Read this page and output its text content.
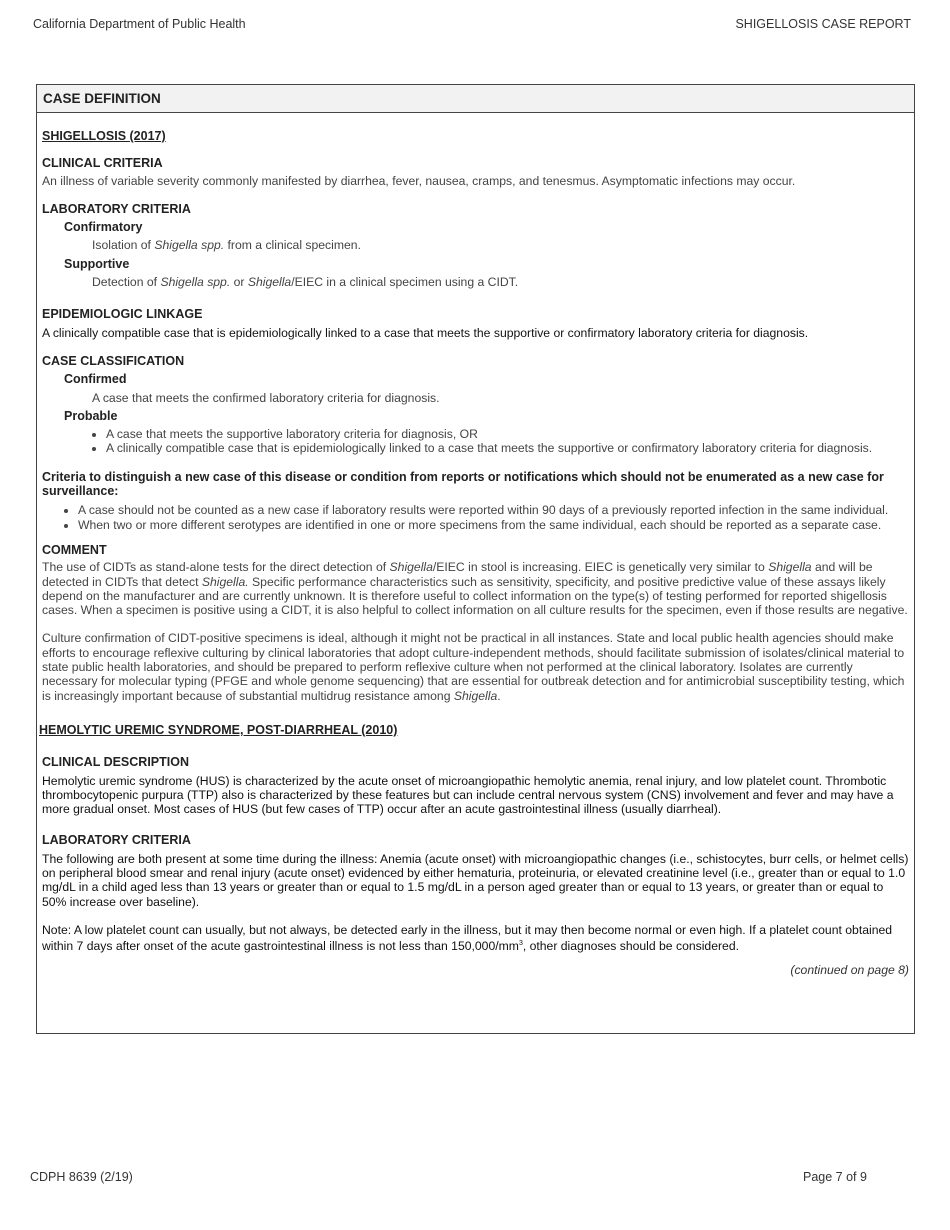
California Department of Public Health	SHIGELLOSIS CASE REPORT
CASE DEFINITION
SHIGELLOSIS (2017)
CLINICAL CRITERIA
An illness of variable severity commonly manifested by diarrhea, fever, nausea, cramps, and tenesmus. Asymptomatic infections may occur.
LABORATORY CRITERIA
Confirmatory
Isolation of Shigella spp. from a clinical specimen.
Supportive
Detection of Shigella spp. or Shigella/EIEC in a clinical specimen using a CIDT.
EPIDEMIOLOGIC LINKAGE
A clinically compatible case that is epidemiologically linked to a case that meets the supportive or confirmatory laboratory criteria for diagnosis.
CASE CLASSIFICATION
Confirmed
A case that meets the confirmed laboratory criteria for diagnosis.
Probable
• A case that meets the supportive laboratory criteria for diagnosis, OR
• A clinically compatible case that is epidemiologically linked to a case that meets the supportive or confirmatory laboratory criteria for diagnosis.
Criteria to distinguish a new case of this disease or condition from reports or notifications which should not be enumerated as a new case for surveillance:
• A case should not be counted as a new case if laboratory results were reported within 90 days of a previously reported infection in the same individual.
• When two or more different serotypes are identified in one or more specimens from the same individual, each should be reported as a separate case.
COMMENT
The use of CIDTs as stand-alone tests for the direct detection of Shigella/EIEC in stool is increasing. EIEC is genetically very similar to Shigella and will be detected in CIDTs that detect Shigella. Specific performance characteristics such as sensitivity, specificity, and positive predictive value of these assays likely depend on the manufacturer and are currently unknown. It is therefore useful to collect information on the type(s) of testing performed for reported shigellosis cases. When a specimen is positive using a CIDT, it is also helpful to collect information on all culture results for the specimen, even if those results are negative.
Culture confirmation of CIDT-positive specimens is ideal, although it might not be practical in all instances. State and local public health agencies should make efforts to encourage reflexive culturing by clinical laboratories that adopt culture-independent methods, should facilitate submission of isolates/clinical material to state public health laboratories, and should be prepared to perform reflexive culture when not performed at the clinical laboratory. Isolates are currently necessary for molecular typing (PFGE and whole genome sequencing) that are essential for outbreak detection and for antimicrobial susceptibility testing, which is increasingly important because of substantial multidrug resistance among Shigella.
HEMOLYTIC UREMIC SYNDROME, POST-DIARRHEAL (2010)
CLINICAL DESCRIPTION
Hemolytic uremic syndrome (HUS) is characterized by the acute onset of microangiopathic hemolytic anemia, renal injury, and low platelet count. Thrombotic thrombocytopenic purpura (TTP) also is characterized by these features but can include central nervous system (CNS) involvement and fever and may have a more gradual onset. Most cases of HUS (but few cases of TTP) occur after an acute gastrointestinal illness (usually diarrheal).
LABORATORY CRITERIA
The following are both present at some time during the illness: Anemia (acute onset) with microangiopathic changes (i.e., schistocytes, burr cells, or helmet cells) on peripheral blood smear and renal injury (acute onset) evidenced by either hematuria, proteinuria, or elevated creatinine level (i.e., greater than or equal to 1.0 mg/dL in a child aged less than 13 years or greater than or equal to 1.5 mg/dL in a person aged greater than or equal to 13 years, or greater than or equal to 50% increase over baseline).
Note: A low platelet count can usually, but not always, be detected early in the illness, but it may then become normal or even high. If a platelet count obtained within 7 days after onset of the acute gastrointestinal illness is not less than $150,000/mm^3$, other diagnoses should be considered.
(continued on page 8)
CDPH 8639 (2/19)	Page 7 of 9
